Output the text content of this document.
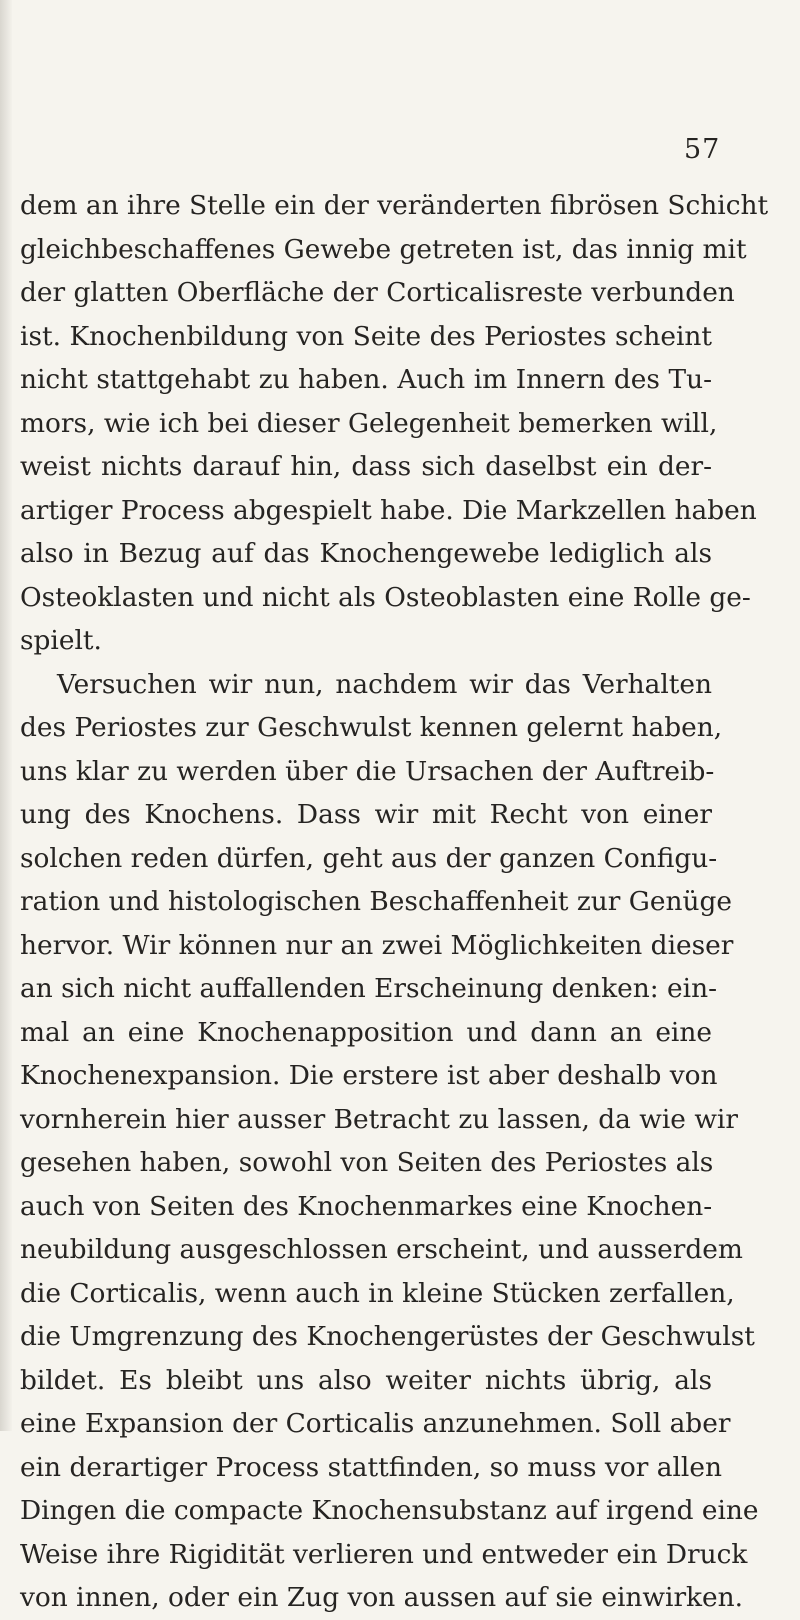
57
dem an ihre Stelle ein der veränderten fibrösen Schicht
gleichbeschaffenes Gewebe getreten ist, das innig mit
der glatten Oberfläche der Corticalisreste verbunden
ist. Knochenbildung von Seite des Periostes scheint
nicht stattgehabt zu haben. Auch im Innern des Tu-
mors, wie ich bei dieser Gelegenheit bemerken will,
weist nichts darauf hin, dass sich daselbst ein der-
artiger Process abgespielt habe. Die Markzellen haben
also in Bezug auf das Knochengewebe lediglich als
Osteoklasten und nicht als Osteoblasten eine Rolle ge-
spielt.
Versuchen wir nun, nachdem wir das Verhalten
des Periostes zur Geschwulst kennen gelernt haben,
uns klar zu werden über die Ursachen der Auftreib-
ung des Knochens. Dass wir mit Recht von einer
solchen reden dürfen, geht aus der ganzen Configu-
ration und histologischen Beschaffenheit zur Genüge
hervor. Wir können nur an zwei Möglichkeiten dieser
an sich nicht auffallenden Erscheinung denken: ein-
mal an eine Knochenapposition und dann an eine
Knochenexpansion. Die erstere ist aber deshalb von
vornherein hier ausser Betracht zu lassen, da wie wir
gesehen haben, sowohl von Seiten des Periostes als
auch von Seiten des Knochenmarkes eine Knochen-
neubildung ausgeschlossen erscheint, und ausserdem
die Corticalis, wenn auch in kleine Stücken zerfallen,
die Umgrenzung des Knochengerüstes der Geschwulst
bildet. Es bleibt uns also weiter nichts übrig, als
eine Expansion der Corticalis anzunehmen. Soll aber
ein derartiger Process stattfinden, so muss vor allen
Dingen die compacte Knochensubstanz auf irgend eine
Weise ihre Rigidität verlieren und entweder ein Druck
von innen, oder ein Zug von aussen auf sie einwirken.
